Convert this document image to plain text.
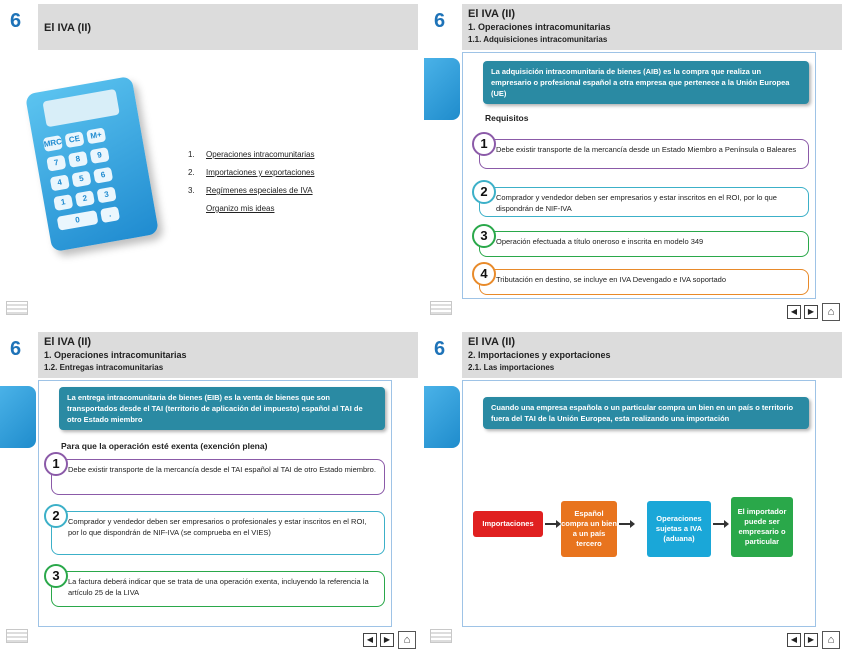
6 El IVA (II)
MRC CE	M+
7	8	9
4	5	6
1	2	3
0
.
1. Operaciones intracomunitarias
2. Importaciones y exportaciones
3. Regímenes especiales de IVA
Organizo mis ideas
6 El IVA (II)
1. Operaciones intracomunitarias
1.1. Adquisiciones intracomunitarias
La adquisición intracomunitaria de bienes (AIB) es la compra que realiza un empresario o profesional español a otra empresa que pertenece a la Unión Europea (UE)
Requisitos
1	Debe existir transporte de la mercancía desde un Estado Miembro a Península o Baleares
2	Comprador y vendedor deben ser empresarios y estar inscritos en el ROI, por lo que dispondrán de NIF-IVA
3	Operación efectuada a título oneroso e inscrita en modelo 349
4	Tributación en destino, se incluye en IVA Devengado e IVA soportado
◀	▶	⌂
6 El IVA (II)
1. Operaciones intracomunitarias
1.2. Entregas intracomunitarias
La entrega intracomunitaria de bienes (EIB) es la venta de bienes que son transportados desde el TAI (territorio de aplicación del impuesto) español al TAI de otro Estado miembro
Para que la operación esté exenta (exención plena)
1	Debe existir transporte de la mercancía desde el TAI español al TAI de otro Estado miembro.
2	Comprador y vendedor deben ser empresarios o profesionales y estar inscritos en el ROI, por lo que dispondrán de NIF-IVA (se comprueba en el VIES)
3	La factura deberá indicar que se trata de una operación exenta, incluyendo la referencia la artículo 25 de la LIVA
◀	▶	⌂
6 El IVA (II)
2. Importaciones y exportaciones
2.1. Las importaciones
Cuando una empresa española o un particular compra un bien en un país o territorio fuera del TAI de la Unión Europea, esta realizando una importación
Importaciones
Español compra un bien a un país tercero
Operaciones sujetas a IVA (aduana)
El importador puede ser empresario o particular
◀	▶	⌂
